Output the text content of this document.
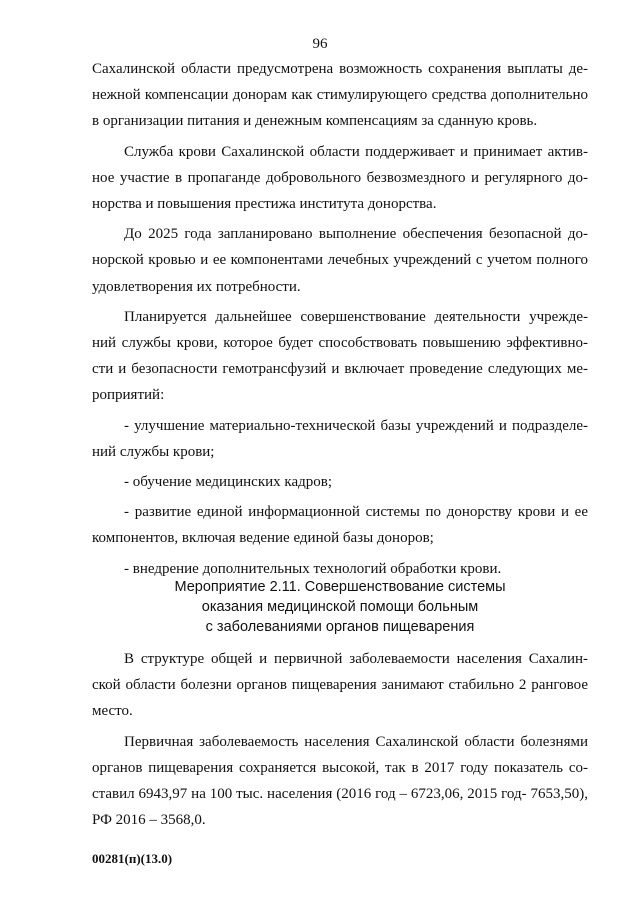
96

Сахалинской области предусмотрена возможность сохранения выплаты де- нежной компенсации донорам как стимулирующего средства дополнительно в организации питания и денежным компенсациям за сданную кровь.

Служба крови Сахалинской области поддерживает и принимает актив- ное участие в пропаганде добровольного безвозмездного и регулярного до- норства и повышения престижа института донорства.

До 2025 года запланировано выполнение обеспечения безопасной до- норской кровью и ее компонентами лечебных учреждений с учетом полного удовлетворения их потребности.

Планируется дальнейшее совершенствование деятельности учрежде- ний службы крови, которое будет способствовать повышению эффективно- сти и безопасности гемотрансфузий и включает проведение следующих ме- роприятий:

- улучшение материально-технической базы учреждений и подразделе- ний службы крови;

- обучение медицинских кадров;

- развитие единой информационной системы по донорству крови и ее компонентов, включая ведение единой базы доноров;

- внедрение дополнительных технологий обработки крови.

Мероприятие 2.11. Совершенствование системы
оказания медицинской помощи больным
с заболеваниями органов пищеварения

В структуре общей и первичной заболеваемости населения Сахалин- ской области болезни органов пищеварения занимают стабильно 2 ранговое место.

Первичная заболеваемость населения Сахалинской области болезнями органов пищеварения сохраняется высокой, так в 2017 году показатель со- ставил 6943,97 на 100 тыс. населения (2016 год – 6723,06, 2015 год- 7653,50), РФ 2016 – 3568,0.

00281(п)(13.0)
